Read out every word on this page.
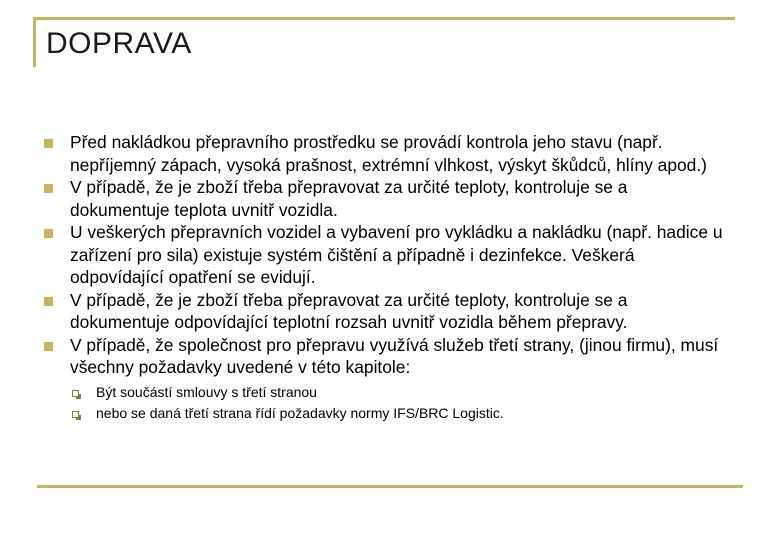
DOPRAVA
Před nakládkou přepravního prostředku se provádí kontrola jeho stavu (např. nepříjemný zápach, vysoká prašnost, extrémní vlhkost, výskyt škůdců, hlíny apod.)
V případě, že je zboží třeba přepravovat za určité teploty, kontroluje se a dokumentuje teplota uvnitř vozidla.
U veškerých přepravních vozidel a vybavení pro vykládku a nakládku (např. hadice u zařízení pro sila) existuje systém čištění a případně i dezinfekce. Veškerá odpovídající opatření se evidují.
V případě, že je zboží třeba přepravovat za určité teploty, kontroluje se a dokumentuje odpovídající teplotní rozsah uvnitř vozidla během přepravy.
V případě, že společnost pro přepravu využívá služeb třetí strany, (jinou firmu), musí všechny požadavky uvedené v této kapitole:
Být součástí smlouvy s třetí stranou
nebo se daná třetí strana řídí požadavky normy IFS/BRC Logistic.
